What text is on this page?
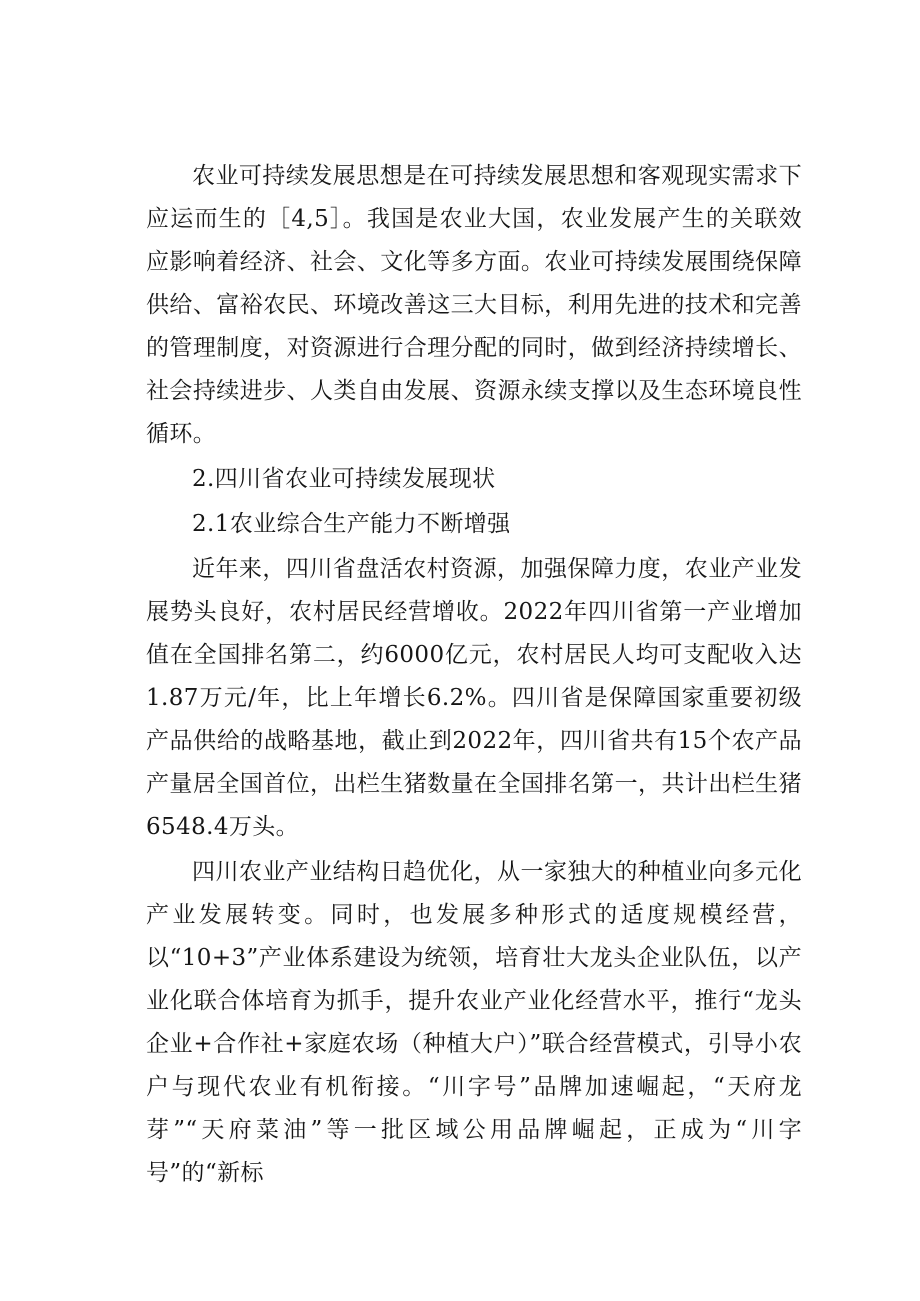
农业可持续发展思想是在可持续发展思想和客观现实需求下应运而生的［4,5］。我国是农业大国，农业发展产生的关联效应影响着经济、社会、文化等多方面。农业可持续发展围绕保障供给、富裕农民、环境改善这三大目标，利用先进的技术和完善的管理制度，对资源进行合理分配的同时，做到经济持续增长、社会持续进步、人类自由发展、资源永续支撑以及生态环境良性循环。

2.四川省农业可持续发展现状

2.1农业综合生产能力不断增强

近年来，四川省盘活农村资源，加强保障力度，农业产业发展势头良好，农村居民经营增收。2022年四川省第一产业增加值在全国排名第二，约6000亿元，农村居民人均可支配收入达1.87万元/年，比上年增长6.2%。四川省是保障国家重要初级产品供给的战略基地，截止到2022年，四川省共有15个农产品产量居全国首位，出栏生猪数量在全国排名第一，共计出栏生猪6548.4万头。

四川农业产业结构日趋优化，从一家独大的种植业向多元化产业发展转变。同时，也发展多种形式的适度规模经营，以“10+3”产业体系建设为统领，培育壮大龙头企业队伍，以产业化联合体培育为抓手，提升农业产业化经营水平，推行“龙头企业+合作社+家庭农场（种植大户）”联合经营模式，引导小农户与现代农业有机衔接。“川字号”品牌加速崛起，“天府龙芽”“天府菜油”等一批区域公用品牌崛起，正成为“川字号”的“新标
